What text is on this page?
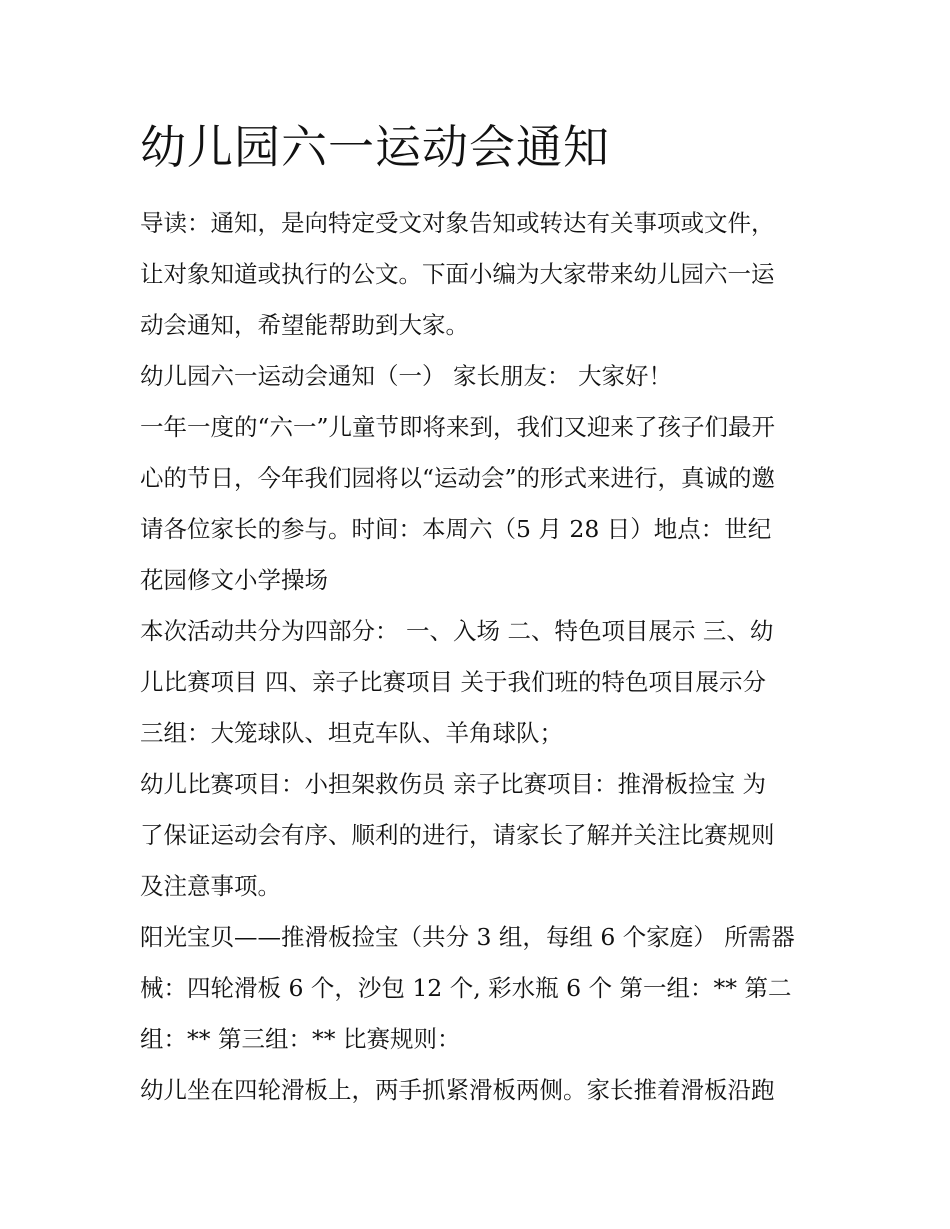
幼儿园六一运动会通知

导读：通知，是向特定受文对象告知或转达有关事项或文件，

让对象知道或执行的公文。下面小编为大家带来幼儿园六一运

动会通知，希望能帮助到大家。

幼儿园六一运动会通知（一） 家长朋友： 大家好！

一年一度的“六一”儿童节即将来到，我们又迎来了孩子们最开

心的节日，今年我们园将以“运动会”的形式来进行，真诚的邀

请各位家长的参与。时间：本周六（5 月 28 日）地点：世纪

花园修文小学操场

本次活动共分为四部分： 一、入场 二、特色项目展示 三、幼

儿比赛项目 四、亲子比赛项目 关于我们班的特色项目展示分

三组：大笼球队、坦克车队、羊角球队；

幼儿比赛项目：小担架救伤员 亲子比赛项目：推滑板捡宝 为

了保证运动会有序、顺利的进行，请家长了解并关注比赛规则

及注意事项。

阳光宝贝——推滑板捡宝（共分 3 组，每组 6 个家庭） 所需器

械：四轮滑板 6 个，沙包 12 个, 彩水瓶 6 个 第一组：** 第二

组：** 第三组：** 比赛规则：

幼儿坐在四轮滑板上，两手抓紧滑板两侧。家长推着滑板沿跑
